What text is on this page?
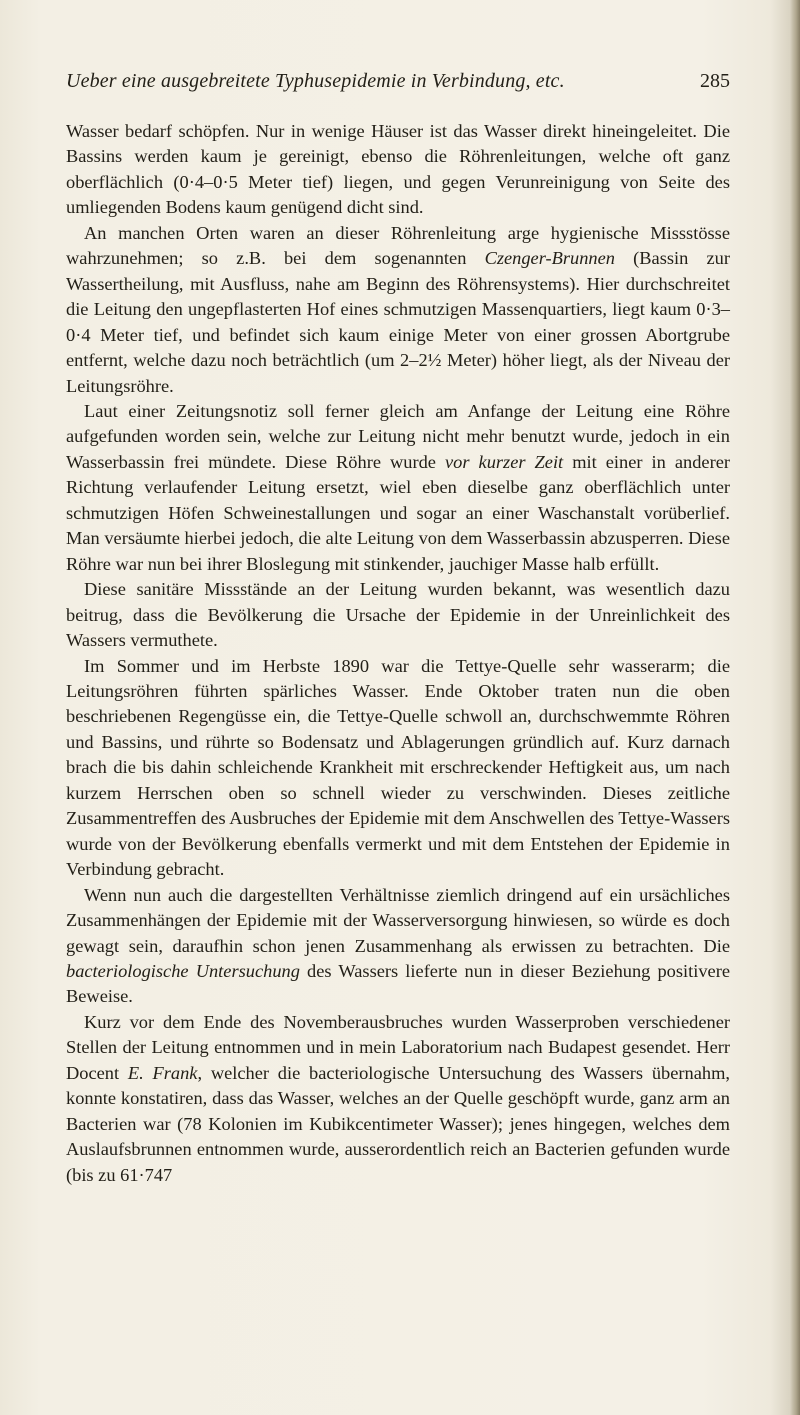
Ueber eine ausgebreitete Typhusepidemie in Verbindung, etc.	285

Wasser bedarf schöpfen. Nur in wenige Häuser ist das Wasser direkt hineingeleitet. Die Bassins werden kaum je gereinigt, ebenso die Röhrenleitungen, welche oft ganz oberflächlich (0·4–0·5 Meter tief) liegen, und gegen Verunreinigung von Seite des umliegenden Bodens kaum genügend dicht sind.

An manchen Orten waren an dieser Röhrenleitung arge hygienische Missstösse wahrzunehmen; so z.B. bei dem sogenannten Czenger-Brunnen (Bassin zur Wassertheilung, mit Ausfluss, nahe am Beginn des Röhrensystems). Hier durchschreitet die Leitung den ungepflasterten Hof eines schmutzigen Massenquartiers, liegt kaum 0·3–0·4 Meter tief, und befindet sich kaum einige Meter von einer grossen Abortgrube entfernt, welche dazu noch beträchtlich (um 2–2½ Meter) höher liegt, als der Niveau der Leitungsröhre.

Laut einer Zeitungsnotiz soll ferner gleich am Anfange der Leitung eine Röhre aufgefunden worden sein, welche zur Leitung nicht mehr benutzt wurde, jedoch in ein Wasserbassin frei mündete. Diese Röhre wurde vor kurzer Zeit mit einer in anderer Richtung verlaufender Leitung ersetzt, wiel eben dieselbe ganz oberflächlich unter schmutzigen Höfen Schweinestallungen und sogar an einer Waschanstalt vorüberlief. Man versäumte hierbei jedoch, die alte Leitung von dem Wasserbassin abzusperren. Diese Röhre war nun bei ihrer Bloslegung mit stinkender, jauchiger Masse halb erfüllt.

Diese sanitäre Missstände an der Leitung wurden bekannt, was wesentlich dazu beitrug, dass die Bevölkerung die Ursache der Epidemie in der Unreinlichkeit des Wassers vermuthete.

Im Sommer und im Herbste 1890 war die Tettye-Quelle sehr wasserarm; die Leitungsröhren führten spärliches Wasser. Ende Oktober traten nun die oben beschriebenen Regengüsse ein, die Tettye-Quelle schwoll an, durchschwemmte Röhren und Bassins, und rührte so Bodensatz und Ablagerungen gründlich auf. Kurz darnach brach die bis dahin schleichende Krankheit mit erschreckender Heftigkeit aus, um nach kurzem Herrschen oben so schnell wieder zu verschwinden. Dieses zeitliche Zusammentreffen des Ausbruches der Epidemie mit dem Anschwellen des Tettye-Wassers wurde von der Bevölkerung ebenfalls vermerkt und mit dem Entstehen der Epidemie in Verbindung gebracht.

Wenn nun auch die dargestellten Verhältnisse ziemlich dringend auf ein ursächliches Zusammenhängen der Epidemie mit der Wasserversorgung hinwiesen, so würde es doch gewagt sein, daraufhin schon jenen Zusammenhang als erwissen zu betrachten. Die bacteriologische Untersuchung des Wassers lieferte nun in dieser Beziehung positivere Beweise.

Kurz vor dem Ende des Novemberausbruches wurden Wasserproben verschiedener Stellen der Leitung entnommen und in mein Laboratorium nach Budapest gesendet. Herr Docent E. Frank, welcher die bacteriologische Untersuchung des Wassers übernahm, konnte konstatiren, dass das Wasser, welches an der Quelle geschöpft wurde, ganz arm an Bacterien war (78 Kolonien im Kubikcentimeter Wasser); jenes hingegen, welches dem Auslaufsbrunnen entnommen wurde, ausserordentlich reich an Bacterien gefunden wurde (bis zu 61·747
